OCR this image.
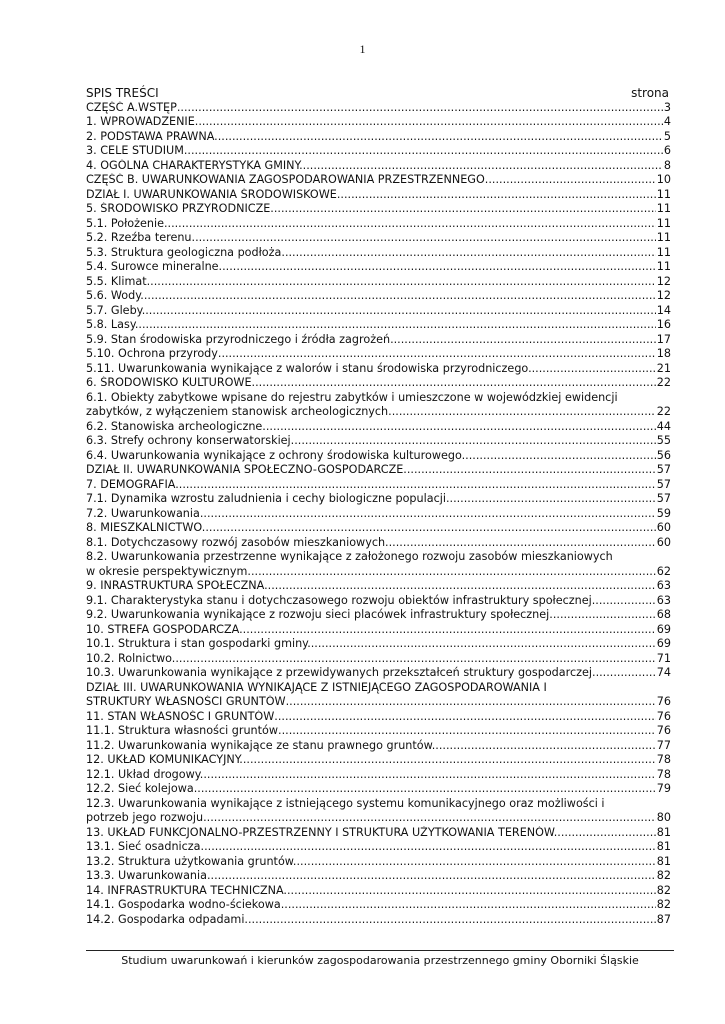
1
SPIS TREŚCI	strona
CZĘŚĆ A.WSTĘP .....	3
1. WPROWADZENIE. .....	4
2. PODSTAWA PRAWNA. .....	5
3. CELE STUDIUM. .....	6
4. OGÓLNA CHARAKTERYSTYKA GMINY. .....	8
CZĘŚĆ B. UWARUNKOWANIA ZAGOSPODAROWANIA PRZESTRZENNEGO .....	10
DZIAŁ I. UWARUNKOWANIA ŚRODOWISKOWE .....	11
5. ŚRODOWISKO PRZYRODNICZE. .....	11
5.1. Położenie. .....	11
5.2. Rzeźba terenu. .....	11
5.3. Struktura geologiczna podłoża. .....	11
5.4. Surowce mineralne. .....	11
5.5. Klimat. .....	12
5.6. Wody. .....	12
5.7. Gleby. .....	14
5.8. Lasy. .....	16
5.9. Stan środowiska przyrodniczego i źródła zagrożeń .....	17
5.10. Ochrona przyrody .....	18
5.11. Uwarunkowania wynikające z walorów i stanu środowiska przyrodniczego. .....	21
6. ŚRODOWISKO KULTUROWE. .....	22
6.1. Obiekty zabytkowe wpisane do rejestru zabytków i umieszczone w wojewódzkiej ewidencji
zabytków, z wyłączeniem stanowisk archeologicznych. .....	22
6.2. Stanowiska archeologiczne. .....	44
6.3. Strefy ochrony konserwatorskiej. .....	55
6.4. Uwarunkowania wynikające z ochrony środowiska kulturowego. .....	56
DZIAŁ II. UWARUNKOWANIA SPOŁECZNO-GOSPODARCZE .....	57
7. DEMOGRAFIA. .....	57
7.1. Dynamika wzrostu zaludnienia i cechy biologiczne populacji. .....	57
7.2. Uwarunkowania. .....	59
8. MIESZKALNICTWO. .....	60
8.1. Dotychczasowy rozwój zasobów mieszkaniowych. .....	60
8.2. Uwarunkowania przestrzenne wynikające z założonego rozwoju zasobów mieszkaniowych
w okresie perspektywicznym. .....	62
9. INRASTRUKTURA SPOŁECZNA. .....	63
9.1. Charakterystyka stanu i dotychczasowego rozwoju obiektów infrastruktury społecznej. .....	63
9.2. Uwarunkowania wynikające z rozwoju sieci placówek infrastruktury społecznej. .....	68
10. STREFA GOSPODARCZA. .....	69
10.1. Struktura i stan gospodarki gminy. .....	69
10.2. Rolnictwo. .....	71
10.3. Uwarunkowania wynikające z przewidywanych przekształceń struktury gospodarczej. .....	74
DZIAŁ III. UWARUNKOWANIA WYNIKAJĄCE Z ISTNIEJĄCEGO ZAGOSPODAROWANIA I
STRUKTURY WŁASNOŚCI GRUNTÓW .....	76
11. STAN WŁASNOŚC I GRUNTÓW .....	76
11.1. Struktura własności gruntów .....	76
11.2. Uwarunkowania wynikające ze stanu prawnego gruntów. .....	77
12. UKŁAD KOMUNIKACYJNY. .....	78
12.1. Układ drogowy. .....	78
12.2. Sieć kolejowa. .....	79
12.3. Uwarunkowania wynikające z istniejącego systemu komunikacyjnego oraz możliwości i
potrzeb jego rozwoju. .....	80
13. UKŁAD FUNKCJONALNO-PRZESTRZENNY I STRUKTURA UŻYTKOWANIA TERENÓW. .....	81
13.1. Sieć osadnicza. .....	81
13.2. Struktura użytkowania gruntów. .....	81
13.3. Uwarunkowania. .....	82
14. INFRASTRUKTURA TECHNICZNA. .....	82
14.1. Gospodarka wodno-ściekowa. .....	82
14.2. Gospodarka odpadami. .....	87
Studium uwarunkowań i kierunków zagospodarowania przestrzennego gminy Oborniki Śląskie
